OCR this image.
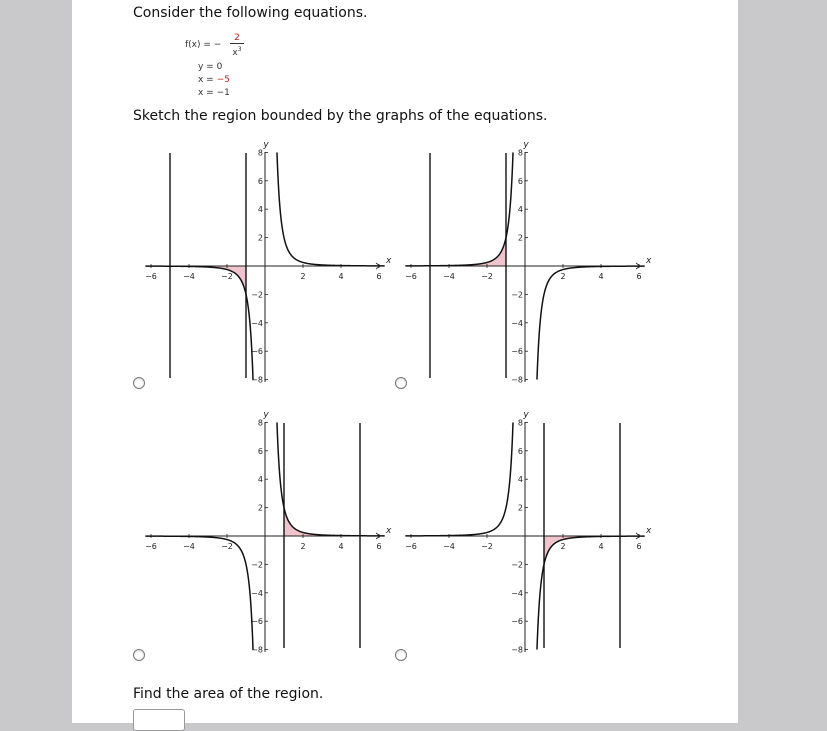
Consider the following equations.
f(x) = −
2
$x^3$
y = 0
x = −5
x = −1
Sketch the region bounded by the graphs of the equations.
x
y
−6	−4	−2	2	4	6
8
6
4
2
−2
−4
−6
−8
x
y
−6	−4	−2	2	4	6
8
6
4
2
−2
−4
−6
−8
x
y
−6	−4	−2	2	4	6
8
6
4
2
−2
−4
−6
−8
x
y
−6	−4	−2	2	4	6
8
6
4
2
−2
−4
−6
−8
Find the area of the region.
